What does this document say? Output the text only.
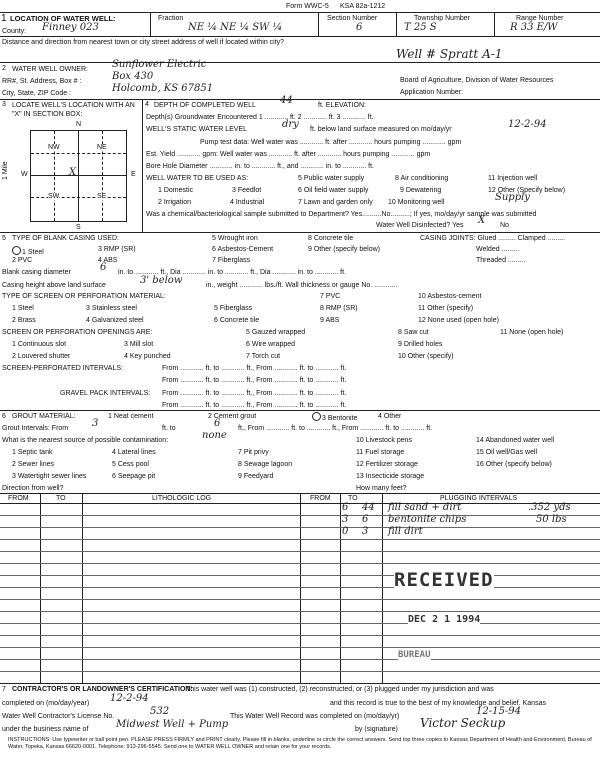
Form WWC-5 KSA 82a-1212
1 LOCATION OF WATER WELL:
County: Finney 023
Fraction
NE ¼ NE ¼ SW ¼
Section Number
6
Township Number
T 25 S
Range Number
R 33 E/W
Distance and direction from nearest town or city street address of well if located within city?
Well # Spratt A-1
2 WATER WELL OWNER: Sunflower Electric
RR#, St. Address, Box # :	Box 430	Board of Agriculture, Division of Water Resources
City, State, ZIP Code :	Holcomb, KS 67851	Application Number:
3 LOCATE WELL'S LOCATION WITH AN "X" IN SECTION BOX:
NW	NE
SW	SE
X
N
S
W	E
1 Mile
4 DEPTH OF COMPLETED WELL 44	ft. ELEVATION:
Depth(s) Groundwater Encountered 1 ............ ft. 2 ............ ft. 3 ............ ft.
WELL'S STATIC WATER LEVEL	dry ft. below land surface measured on mo/day/yr	12-2-94
Pump test data: Well water was ............ ft. after ............ hours pumping ............ gpm
Est. Yield ............ gpm: Well water was ............ ft. after ............ hours pumping ............ gpm
Bore Hole Diameter ............ in. to ............ ft., and ............ in. to ............ ft.
WELL WATER TO BE USED AS:	5 Public water supply	8 Air conditioning	11 Injection well
1 Domestic	3 Feedlot	6 Oil field water supply	9 Dewatering	12 Other (Specify below)
2 Irrigation	4 Industrial	7 Lawn and garden only 10 Monitoring well	Supply
Was a chemical/bacteriological sample submitted to Department? Yes..........No..........; If yes, mo/day/yr sample was submitted
Water Well Disinfected? Yes X No
5 TYPE OF BLANK CASING USED:	5 Wrought iron	8 Concrete tile	CASING JOINTS: Glued ......... Clamped .........
1 Steel	3 RMP (SR)	6 Asbestos-Cement	9 Other (specify below)	Welded .........
2 PVC	4 ABS	7 Fiberglass	Threaded .........
Blank casing diameter	6 in. to ............ ft., Dia ............ in. to ............ ft., Dia ............ in. to ............ ft.
Casing height above land surface	3' below	in., weight ............ lbs./ft. Wall thickness or gauge No. ............
TYPE OF SCREEN OR PERFORATION MATERIAL:	7 PVC	10 Asbestos-cement
1 Steel	3 Stainless steel	5 Fiberglass	8 RMP (SR)	11 Other (specify)
2 Brass	4 Galvanized steel	6 Concrete tile	9 ABS	12 None used (open hole)
SCREEN OR PERFORATION OPENINGS ARE:	5 Gauzed wrapped	8 Saw cut	11 None (open hole)
1 Continuous slot	3 Mill slot	6 Wire wrapped	9 Drilled holes
2 Louvered shutter	4 Key punched	7 Torch cut	10 Other (specify)
SCREEN-PERFORATED INTERVALS:	From ............ ft. to ............ ft., From ............ ft. to ............ ft.
From ............ ft. to ............ ft., From ............ ft. to ............ ft.
GRAVEL PACK INTERVALS: From ............ ft. to ............ ft., From ............ ft. to ............ ft.
From ............ ft. to ............ ft., From ............ ft. to ............ ft.
6 GROUT MATERIAL:	1 Neat cement	2 Cement grout	3 Bentonite	4 Other
Grout Intervals: From 3	ft. to	6	ft., From ............ ft. to ............ ft., From ............ ft. to ............ ft.
What is the nearest source of possible contamination:	none	10 Livestock pens	14 Abandoned water well
1 Septic tank	4 Lateral lines	7 Pit privy	11 Fuel storage	15 Oil well/Gas well
2 Sewer lines	5 Cess pool	8 Sewage lagoon	12 Fertilizer storage	16 Other (specify below)
3 Watertight sewer lines	6 Seepage pit	9 Feedyard	13 Insecticide storage
Direction from well?	How many feet?
FROM	TO	LITHOLOGIC LOG	FROM TO	PLUGGING INTERVALS
6 44 fill sand + dirt	.352 yds
3 6 bentonite chips	50 lbs
0 3 fill dirt
RECEIVED
DEC 2 1 1994
BUREAU
7 CONTRACTOR'S OR LANDOWNER'S CERTIFICATION:
This water well was (1) constructed, (2) reconstructed, or (3) plugged under my jurisdiction and was
completed on (mo/day/year) 12-2-94	and this record is true to the best of my knowledge and belief. Kansas
Water Well Contractor's License No.	532	This Water Well Record was completed on (mo/day/yr)	12-15-94
under the business name of	Midwest Well + Pump	by (signature) Victor Seckup
INSTRUCTIONS: Use typewriter or ball point pen. PLEASE PRESS FIRMLY and PRINT clearly. Please fill in blanks, underline or circle the correct answers. Send top three copies to Kansas Department of Health and Environment, Bureau of Water, Topeka, Kansas 66620-0001. Telephone: 913-296-5545. Send one to WATER WELL OWNER and retain one for your records.
